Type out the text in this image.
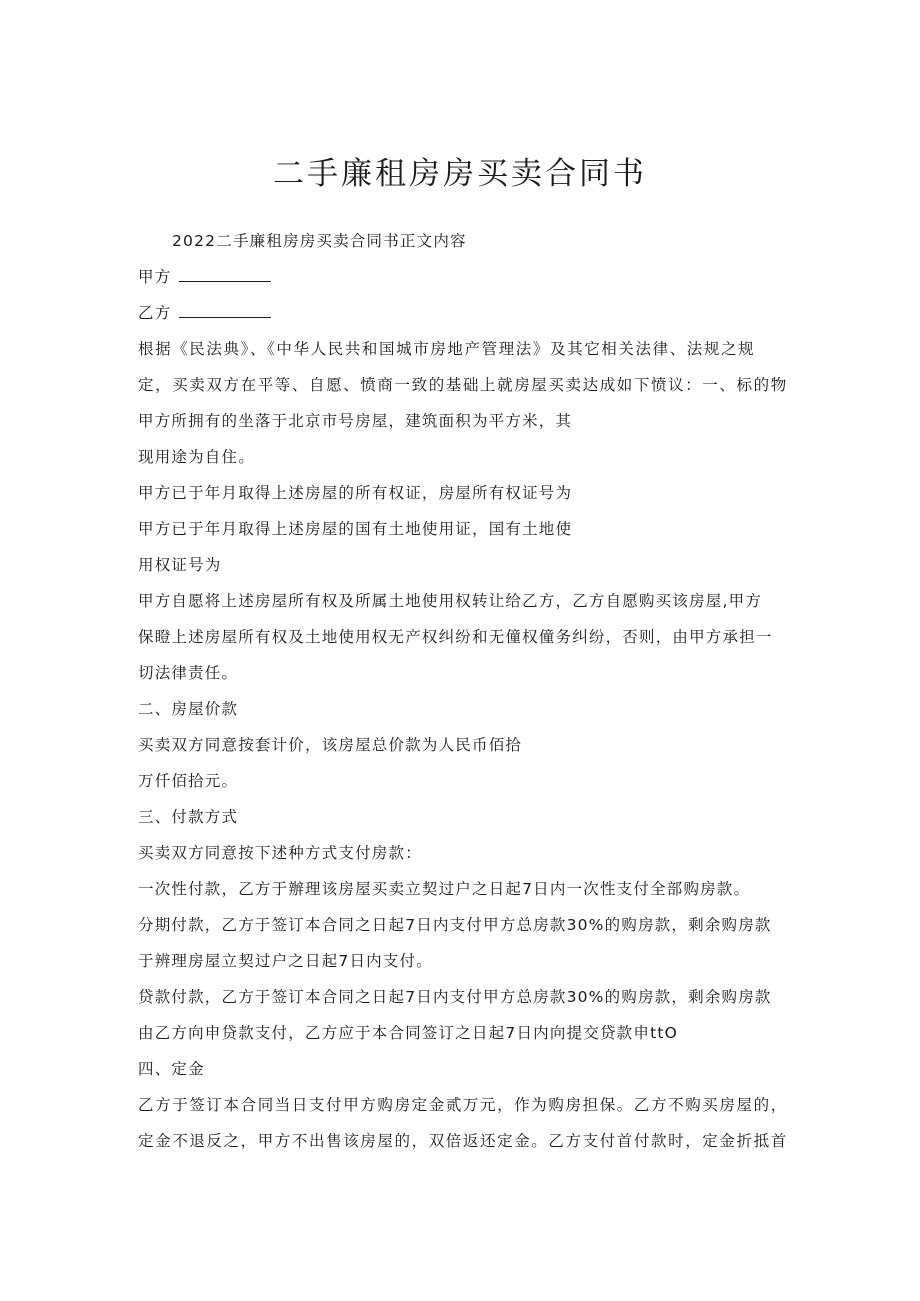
二手廉租房房买卖合同书
2022二手廉租房房买卖合同书正文内容
甲方
乙方
根据《民法典》、《中华人民共和国城市房地产管理法》及其它相关法律、法规之规
定，买卖双方在平等、自愿、愤商一致的基础上就房屋买卖达成如下愤议：一、标的物
甲方所拥有的坐落于北京市号房屋，建筑面积为平方米，其
现用途为自住。
甲方已于年月取得上述房屋的所有权证，房屋所有权证号为
甲方已于年月取得上述房屋的国有土地使用证，国有土地使
用权证号为
甲方自愿将上述房屋所有权及所属土地使用权转让给乙方，乙方自愿购买该房屋,甲方
保瞪上述房屋所有权及土地使用权无产权纠纷和无僮权僮务纠纷，否则，由甲方承担一
切法律责任。
二、房屋价款
买卖双方同意按套计价，该房屋总价款为人民币佰拾
万仟佰拾元。
三、付款方式
买卖双方同意按下述种方式支付房款：
一次性付款，乙方于辦理该房屋买卖立契过户之日起7日内一次性支付全部购房款。
分期付款，乙方于签订本合同之日起7日内支付甲方总房款30%的购房款，剩余购房款
于辨理房屋立契过户之日起7日内支付。
贷款付款，乙方于签订本合同之日起7日内支付甲方总房款30%的购房款，剩余购房款
由乙方向申贷款支付，乙方应于本合同签订之日起7日内向提交贷款申ttO
四、定金
乙方于签订本合同当日支付甲方购房定金贰万元，作为购房担保。乙方不购买房屋的，
定金不退反之，甲方不出售该房屋的，双倍返还定金。乙方支付首付款时，定金折抵首
